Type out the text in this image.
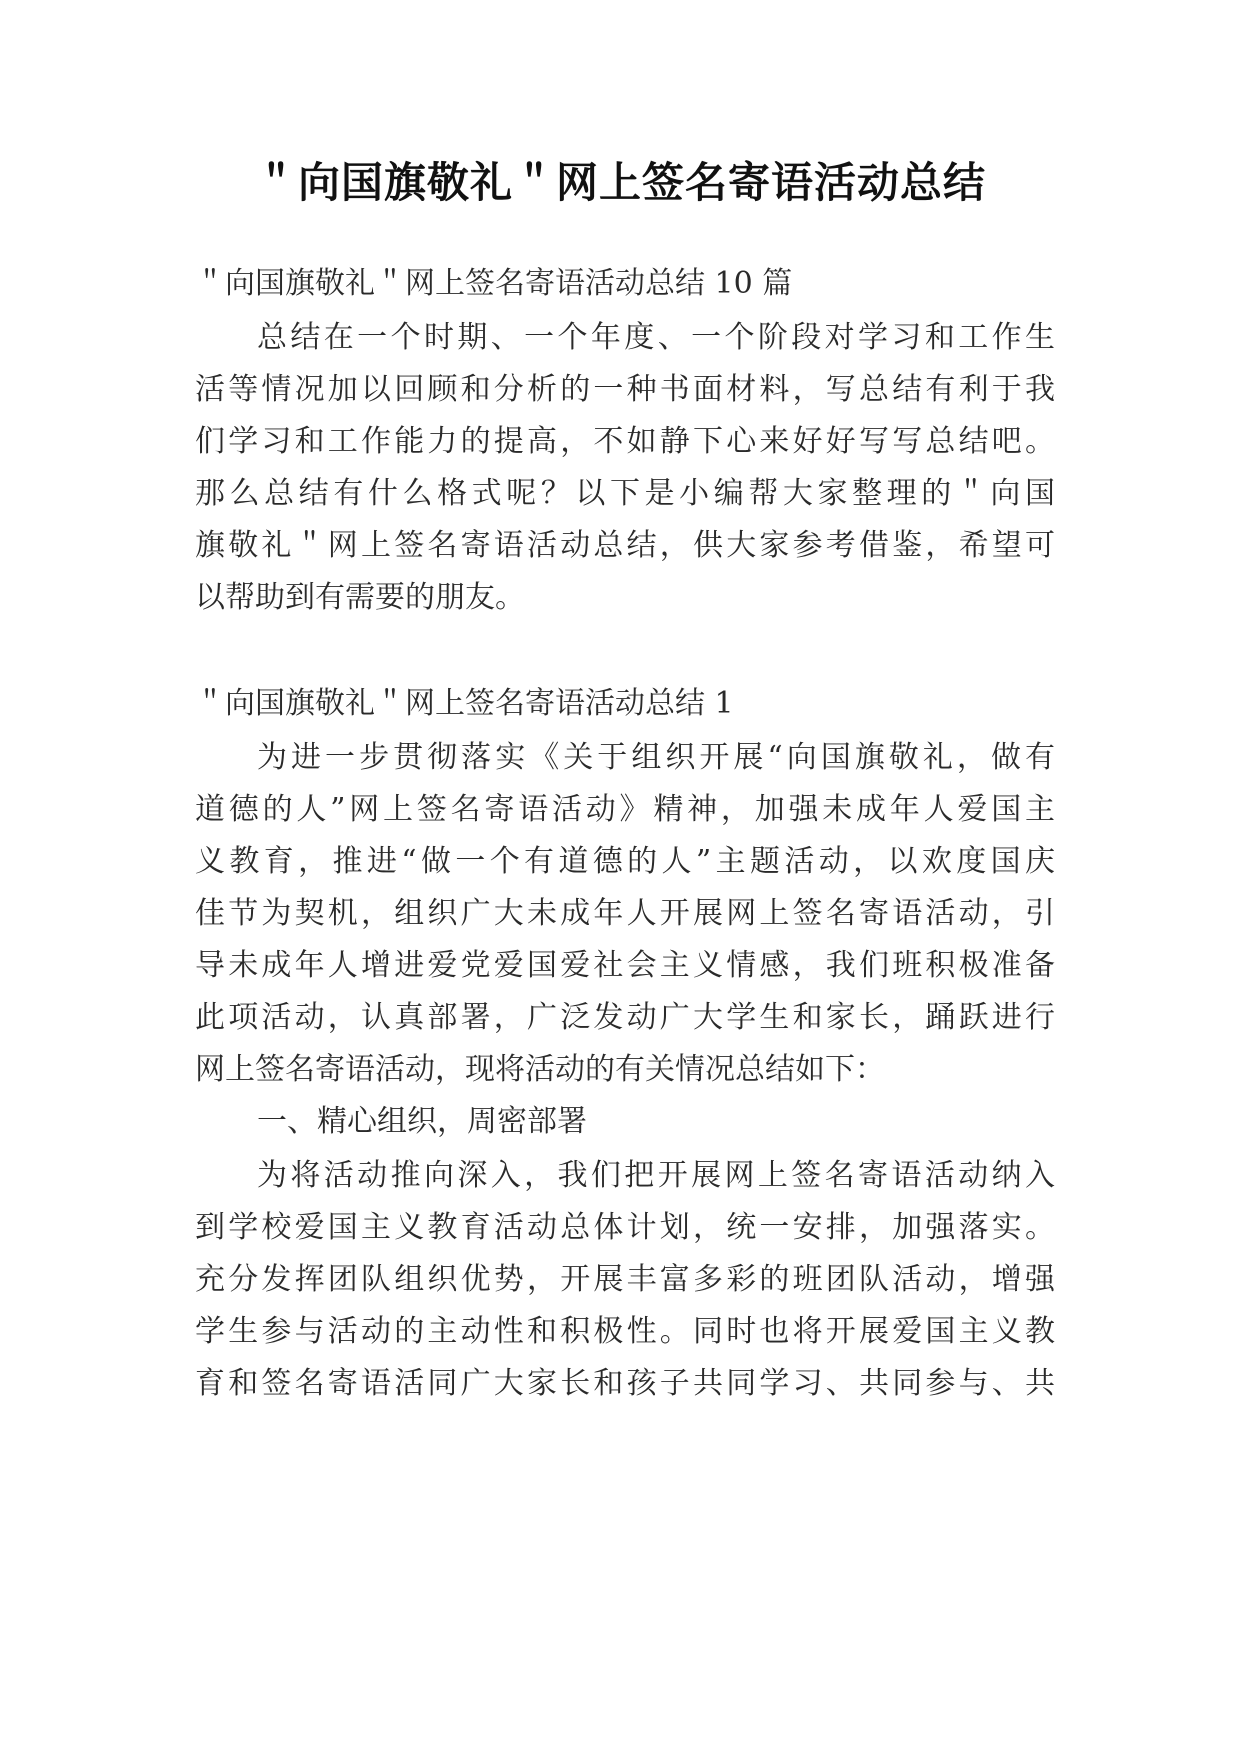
＂向国旗敬礼＂网上签名寄语活动总结
＂向国旗敬礼＂网上签名寄语活动总结 10 篇
总结在一个时期、一个年度、一个阶段对学习和工作生
活等情况加以回顾和分析的一种书面材料，写总结有利于我
们学习和工作能力的提高，不如静下心来好好写写总结吧。
那么总结有什么格式呢？以下是小编帮大家整理的＂向国
旗敬礼＂网上签名寄语活动总结，供大家参考借鉴，希望可
以帮助到有需要的朋友。
＂向国旗敬礼＂网上签名寄语活动总结 1
为进一步贯彻落实《关于组织开展“向国旗敬礼，做有
道德的人”网上签名寄语活动》精神，加强未成年人爱国主
义教育，推进“做一个有道德的人”主题活动，以欢度国庆
佳节为契机，组织广大未成年人开展网上签名寄语活动，引
导未成年人增进爱党爱国爱社会主义情感，我们班积极准备
此项活动，认真部署，广泛发动广大学生和家长，踊跃进行
网上签名寄语活动，现将活动的有关情况总结如下：
一、精心组织，周密部署
为将活动推向深入，我们把开展网上签名寄语活动纳入
到学校爱国主义教育活动总体计划，统一安排，加强落实。
充分发挥团队组织优势，开展丰富多彩的班团队活动，增强
学生参与活动的主动性和积极性。同时也将开展爱国主义教
育和签名寄语活同广大家长和孩子共同学习、共同参与、共
